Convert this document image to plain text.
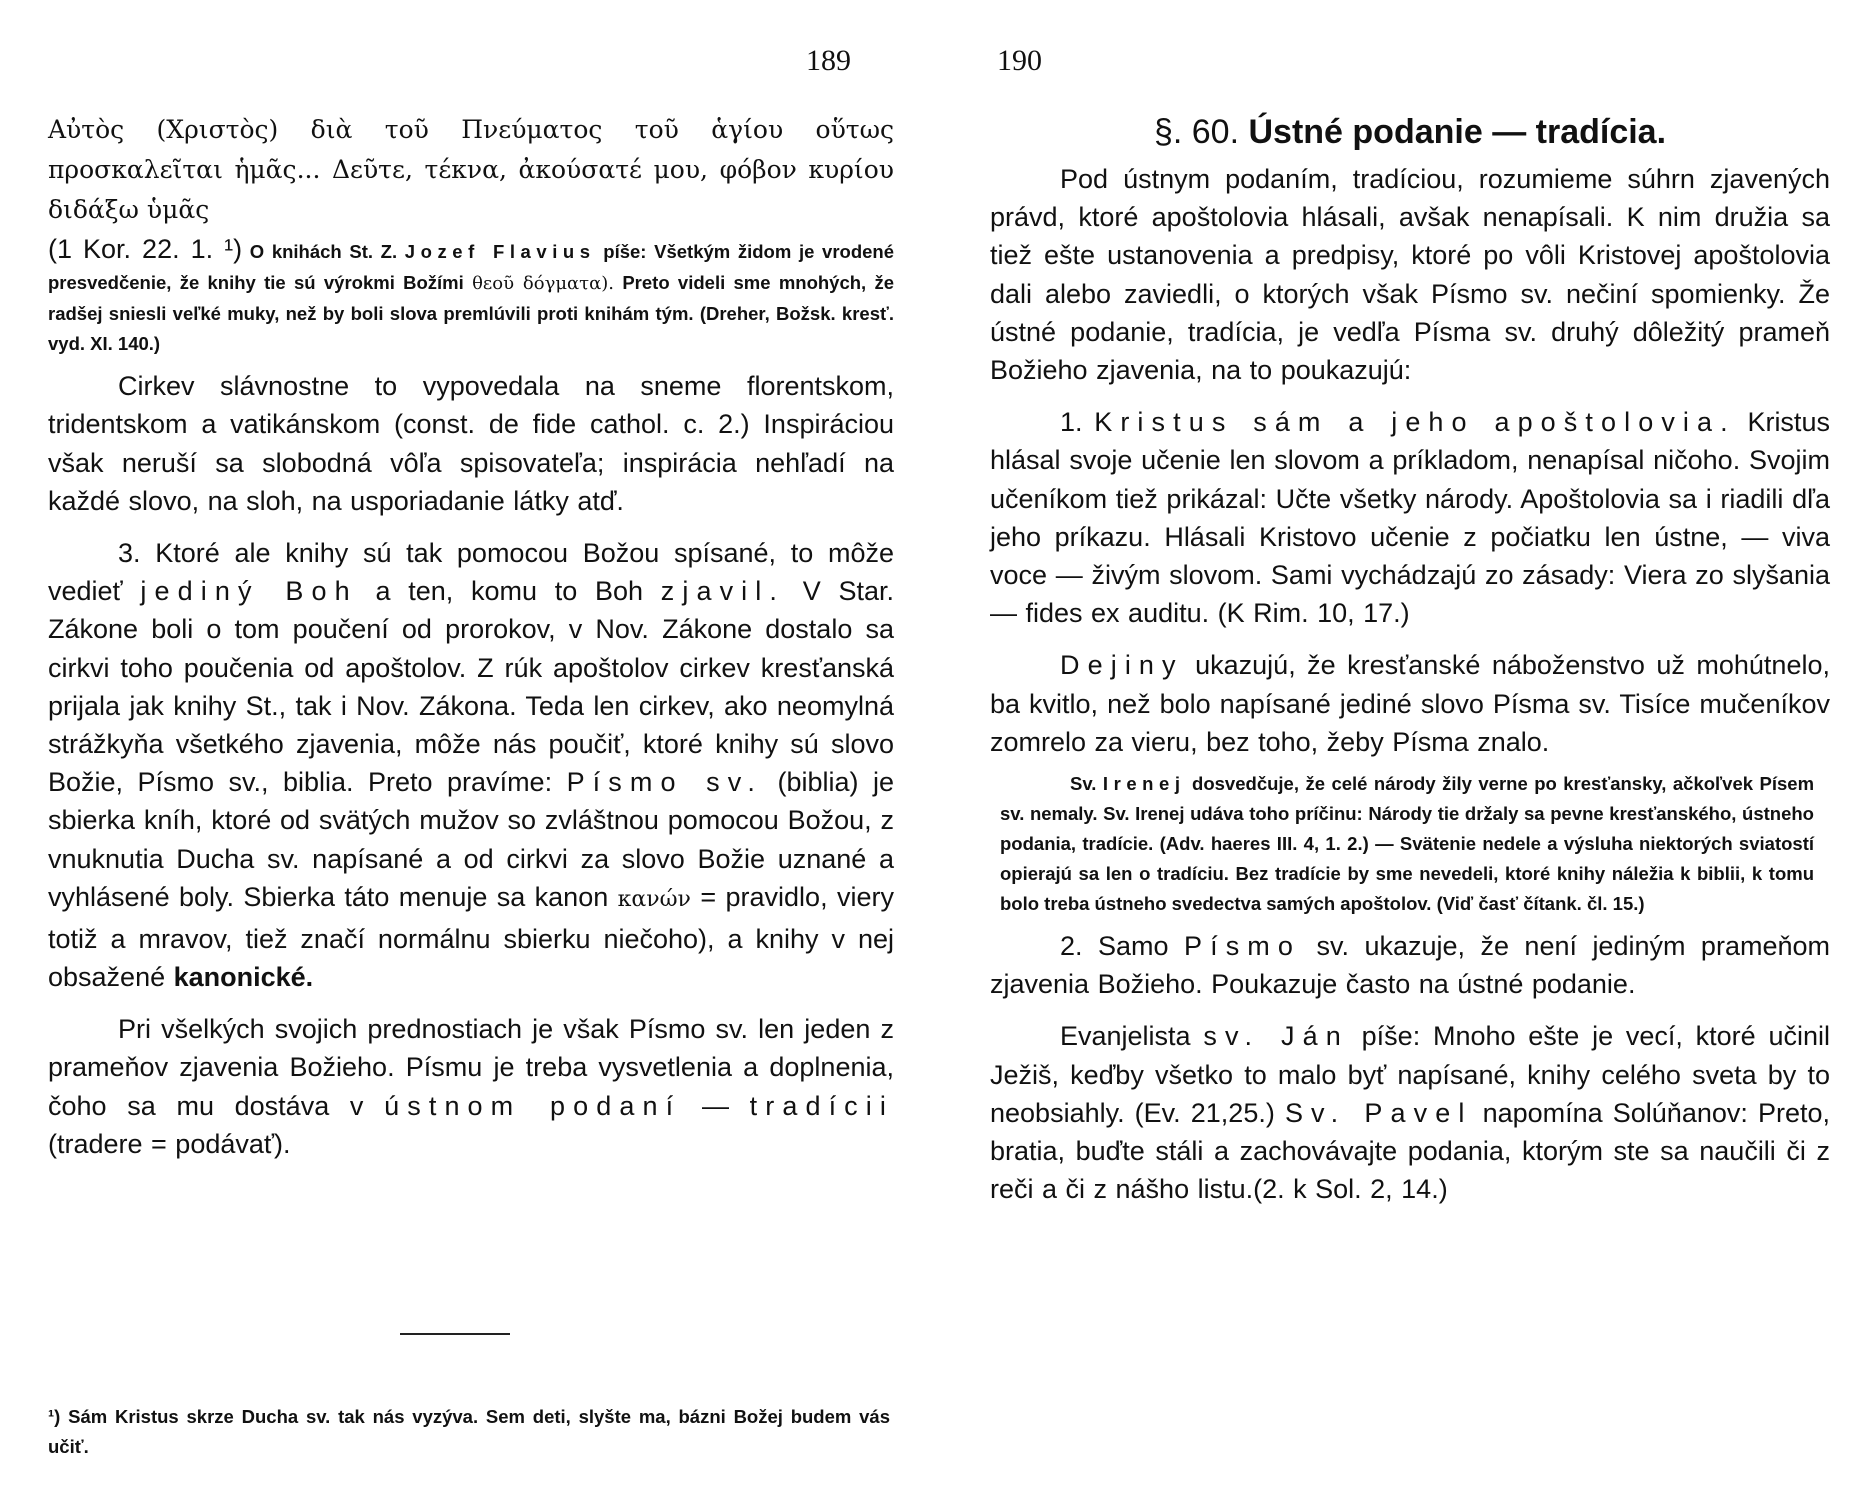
189

Αὐτὸς (Χριστὸς) διὰ τοῦ Πνεύματος τοῦ ἁγίου οὕτως προσκαλεῖται ἡμᾶς... Δεῦτε, τέκνα, ἀκούσατέ μου, φόβον κυρίου διδάξω ὑμᾶς

(1 Kor. 22. 1. ¹) O knihách St. Z. Jozef Flavius píše: Všetkým židom je vrodené presvedčenie, že knihy tie sú výrokmi Božími θεοῦ δόγματα). Preto videli sme mnohých, že radšej sniesli veľké muky, než by boli slova premlúvili proti knihám tým. (Dreher, Božsk. kresť. vyd. XI. 140.)

Cirkev slávnostne to vypovedala na sneme florentskom, tridentskom a vatikánskom (const. de fide cathol. c. 2.) Inspiráciou však neruší sa slobodná vôľa spisovateľa; inspirácia nehľadí na každé slovo, na sloh, na usporiadanie látky atď.

3. Ktoré ale knihy sú tak pomocou Božou spísané, to môže vedieť jediný Boh a ten, komu to Boh zjavil. V Star. Zákone boli o tom poučení od prorokov, v Nov. Zákone dostalo sa cirkvi toho poučenia od apoštolov. Z rúk apoštolov cirkev kresťanská prijala jak knihy St., tak i Nov. Zákona. Teda len cirkev, ako neomylná strážkyňa všetkého zjavenia, môže nás poučiť, ktoré knihy sú slovo Božie, Písmo sv., biblia. Preto pravíme: Písmo sv. (biblia) je sbierka kníh, ktoré od svätých mužov so zvláštnou pomocou Božou, z vnuknutia Ducha sv. napísané a od cirkvi za slovo Božie uznané a vyhlásené boly. Sbierka táto menuje sa kanon κανών = pravidlo, viery totiž a mravov, tiež značí normálnu sbierku niečoho), a knihy v nej obsažené kanonické.

Pri všelkých svojich prednostiach je však Písmo sv. len jeden z prameňov zjavenia Božieho. Písmu je treba vysvetlenia a doplnenia, čoho sa mu dostáva v ústnom podaní — tradícii (tradere = podávať).

¹) Sám Kristus skrze Ducha sv. tak nás vyzýva. Sem deti, slyšte ma, bázni Božej budem vás učiť.

190
§. 60. Ústné podanie — tradícia.

Pod ústnym podaním, tradíciou, rozumieme súhrn zjavených právd, ktoré apoštolovia hlásali, avšak nenapísali. K nim družia sa tiež ešte ustanovenia a predpisy, ktoré po vôli Kristovej apoštolovia dali alebo zaviedli, o ktorých však Písmo sv. nečiní spomienky. Že ústné podanie, tradícia, je vedľa Písma sv. druhý dôležitý prameň Božieho zjavenia, na to poukazujú:

1. Kristus sám a jeho apoštolovia. Kristus hlásal svoje učenie len slovom a príkladom, nenapísal ničoho. Svojim učeníkom tiež prikázal: Učte všetky národy. Apoštolovia sa i riadili dľa jeho príkazu. Hlásali Kristovo učenie z počiatku len ústne, — viva voce — živým slovom. Sami vychádzajú zo zásady: Viera zo slyšania — fides ex auditu. (K Rim. 10, 17.)

Dejiny ukazujú, že kresťanské náboženstvo už mohútnelo, ba kvitlo, než bolo napísané jediné slovo Písma sv. Tisíce mučeníkov zomrelo za vieru, bez toho, žeby Písma znalo.

Sv. Irenej dosvedčuje, že celé národy žily verne po kresťansky, ačkoľvek Písem sv. nemaly. Sv. Irenej udáva toho príčinu: Národy tie držaly sa pevne kresťanského, ústneho podania, tradície. (Adv. haeres III. 4, 1. 2.) — Svätenie nedele a výsluha niektorých sviatostí opierajú sa len o tradíciu. Bez tradície by sme nevedeli, ktoré knihy náležia k biblii, k tomu bolo treba ústneho svedectva samých apoštolov. (Viď časť čítank. čl. 15.)

2. Samo Písmo sv. ukazuje, že není jediným prameňom zjavenia Božieho. Poukazuje často na ústné podanie.

Evanjelista sv. Ján píše: Mnoho ešte je vecí, ktoré učinil Ježiš, keďby všetko to malo byť napísané, knihy celého sveta by to neobsiahly. (Ev. 21,25.) Sv. Pavel napomína Solúňanov: Preto, bratia, buďte stáli a zachovávajte podania, ktorým ste sa naučili či z reči a či z nášho listu.(2. k Sol. 2, 14.)
